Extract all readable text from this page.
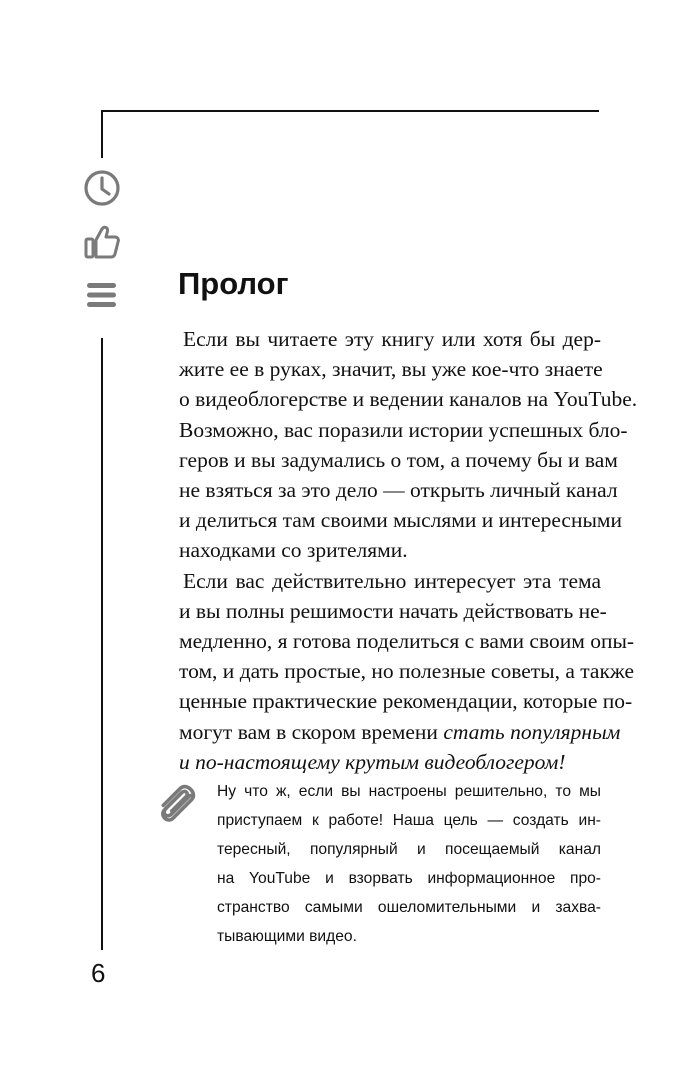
Пролог

Если вы читаете эту книгу или хотя бы дер-
жите ее в руках, значит, вы уже кое-что знаете
о видеоблогерстве и ведении каналов на YouTube.
Возможно, вас поразили истории успешных бло-
геров и вы задумались о том, а почему бы и вам
не взяться за это дело — открыть личный канал
и делиться там своими мыслями и интересными
находками со зрителями.

Если вас действительно интересует эта тема
и вы полны решимости начать действовать не-
медленно, я готова поделиться с вами своим опы-
том, и дать простые, но полезные советы, а также
ценные практические рекомендации, которые по-
могут вам в скором времени стать популярным
и по-настоящему крутым видеоблогером!

Ну что ж, если вы настроены решительно, то мы
приступаем к работе! Наша цель — создать ин-
тересный, популярный и посещаемый канал
на YouTube и взорвать информационное про-
странство самыми ошеломительными и захва-
тывающими видео.
6
